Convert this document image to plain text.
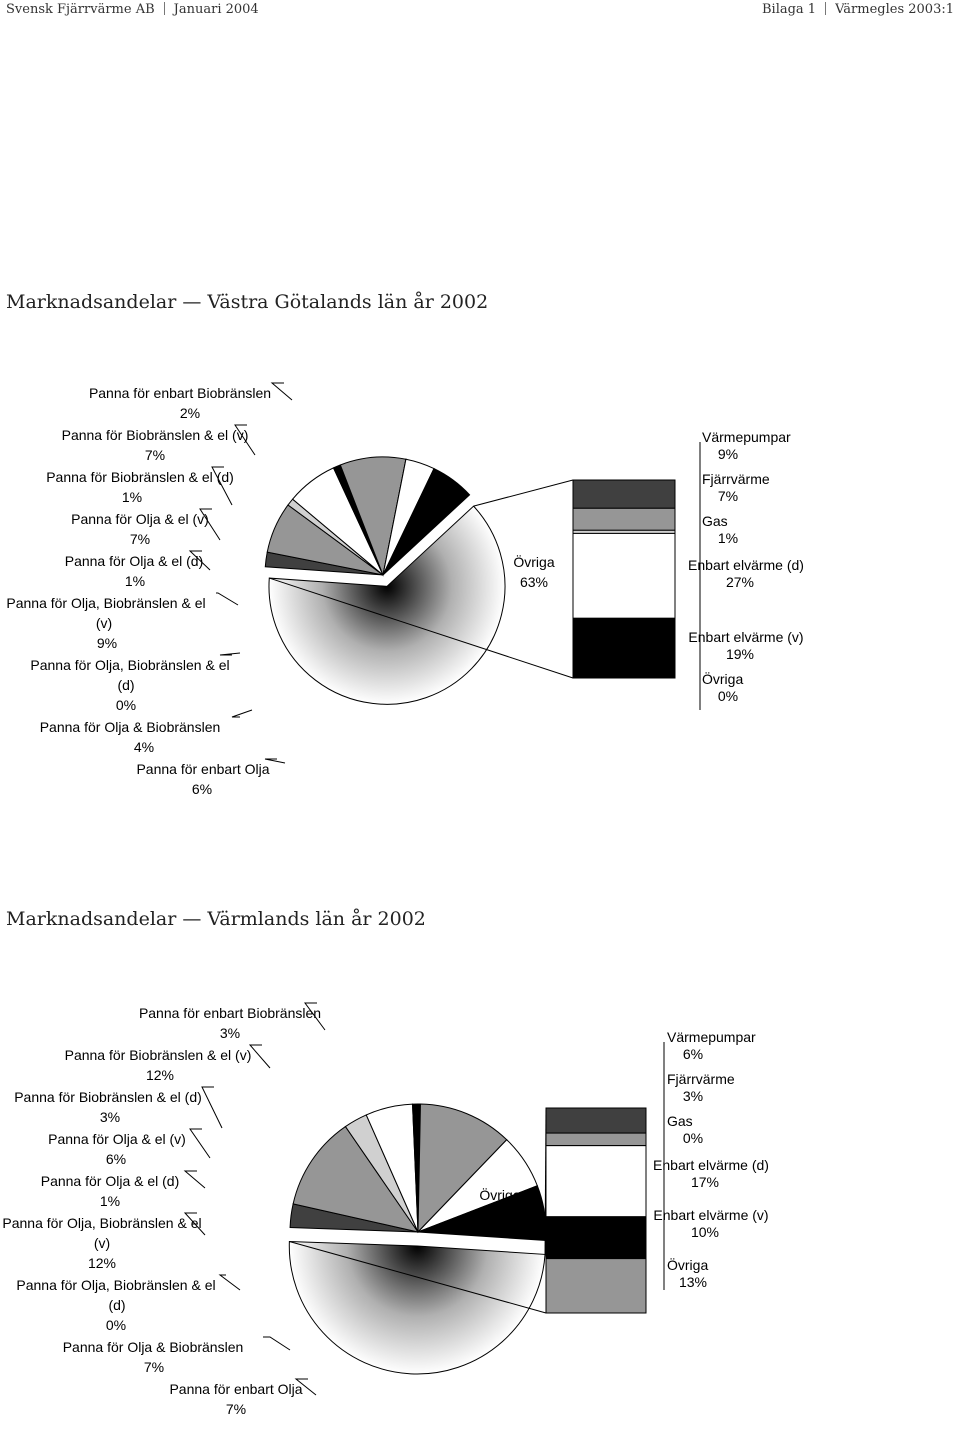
Svensk Fjärrvärme AB Januari 2004	Bilaga 1 Värmegles 2003:1
Marknadsandelar — Västra Götalands län år 2002
Övriga
63%
Panna för enbart Biobränslen
2%
Panna för Biobränslen & el (v)
7%
Panna för Biobränslen & el (d)
1%
Panna för Olja & el (v)
7%
Panna för Olja & el (d)
1%
Panna för Olja, Biobränslen & el
(v)
9%
Panna för Olja, Biobränslen & el
(d)
0%
Panna för Olja & Biobränslen
4%
Panna för enbart Olja
6%
Värmepumpar
9%
Fjärrvärme
7%
Gas
1%
Enbart elvärme (d)
27%
Enbart elvärme (v)
19%
Övriga
0%
Marknadsandelar — Värmlands län år 2002
Övriga
50%
Panna för enbart Biobränslen
3%
Panna för Biobränslen & el (v)
12%
Panna för Biobränslen & el (d)
3%
Panna för Olja & el (v)
6%
Panna för Olja & el (d)
1%
Panna för Olja, Biobränslen & el
(v)
12%
Panna för Olja, Biobränslen & el
(d)
0%
Panna för Olja & Biobränslen
7%
Panna för enbart Olja
7%
Värmepumpar
6%
Fjärrvärme
3%
Gas
0%
Enbart elvärme (d)
17%
Enbart elvärme (v)
10%
Övriga
13%
